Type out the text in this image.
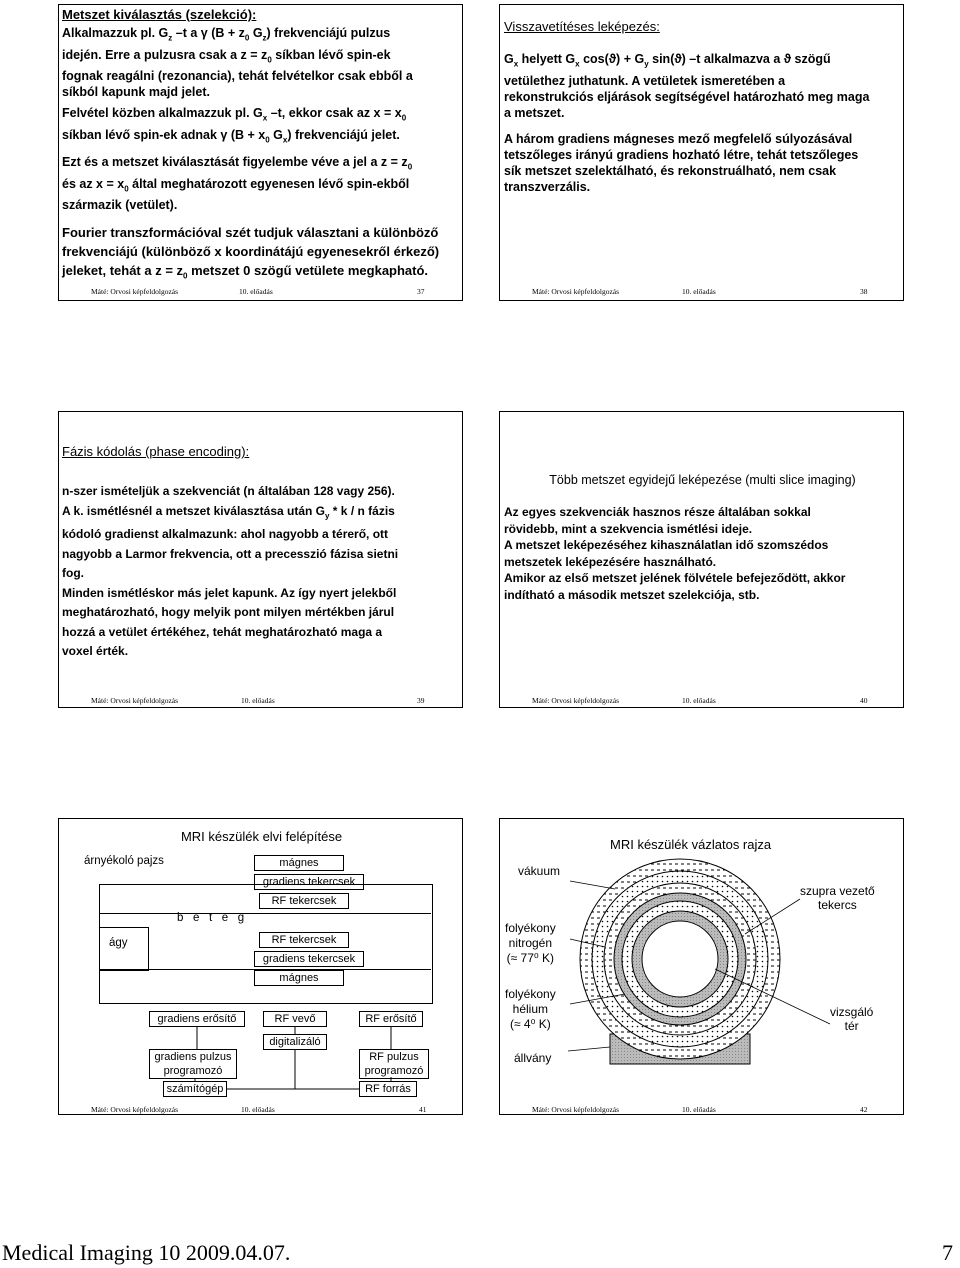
Metszet kiválasztás (szelekció):
Alkalmazzuk pl. $G_z$ –t a γ ($B + z_0$ $G_z$) frekvenciájú pulzus
idején. Erre a pulzusra csak a $z = z_0$ síkban lévő spin-ek
fognak reagálni (rezonancia), tehát felvételkor csak ebből a
síkból kapunk majd jelet.
Felvétel közben alkalmazzuk pl. $G_x$ –t, ekkor csak az $x = x_0$
síkban lévő spin-ek adnak γ ($B + x_0$ $G_x$) frekvenciájú jelet.
Ezt és a metszet kiválasztását figyelembe véve a jel a $z = z_0$
és az $x = x_0$ által meghatározott egyenesen lévő spin-ekből
származik (vetület).
Fourier transzformációval szét tudjuk választani a különböző
frekvenciájú (különböző x koordinátájú egyenesekről érkező)
jeleket, tehát a $z = z_0$ metszet 0 szögű vetülete megkapható.
Máté: Orvosi képfeldolgozás	10. előadás	37
Visszavetítéses leképezés:
$G_x$ helyett $G_x$ $\cos(ϑ) + G_y$ sin(ϑ) –t alkalmazva a ϑ szögű
vetülethez juthatunk. A vetületek ismeretében a
rekonstrukciós eljárások segítségével határozható meg maga
a metszet.
A három gradiens mágneses mező megfelelő súlyozásával
tetszőleges irányú gradiens hozható létre, tehát tetszőleges
sík metszet szelektálható, és rekonstruálható, nem csak
transzverzális.
Máté: Orvosi képfeldolgozás	10. előadás	38
Fázis kódolás (phase encoding):
n-szer ismételjük a szekvenciát (n általában 128 vagy 256).
A k. ismétlésnél a metszet kiválasztása után $G_y$ * k / n fázis
kódoló gradienst alkalmazunk: ahol nagyobb a térerő, ott
nagyobb a Larmor frekvencia, ott a precesszió fázisa sietni
fog.
Minden ismétléskor más jelet kapunk. Az így nyert jelekből
meghatározható, hogy melyik pont milyen mértékben járul
hozzá a vetület értékéhez, tehát meghatározható maga a
voxel érték.
Máté: Orvosi képfeldolgozás	10. előadás	39
Több metszet egyidejű leképezése (multi slice imaging)
Az egyes szekvenciák hasznos része általában sokkal
rövidebb, mint a szekvencia ismétlési ideje.
A metszet leképezéséhez kihasználatlan idő szomszédos
metszetek leképezésére használható.
Amikor az első metszet jelének fölvétele befejeződött, akkor
indítható a második metszet szelekciója, stb.
Máté: Orvosi képfeldolgozás	10. előadás	40
MRI készülék elvi felépítése
árnyékoló pajzs	mágnes
gradiens tekercsek
RF tekercsek
b   e   t   e   g
ágy	RF tekercsek
gradiens tekercsek
mágnes
gradiens erősítő	RF vevő	RF erősítő
digitalizáló
gradiens pulzus
programozó
RF pulzus
programozó
számítógép	RF forrás
Máté: Orvosi képfeldolgozás	10. előadás	41
MRI készülék vázlatos rajza
vákuum
szupra vezető
tekercs
folyékony
nitrogén
(≈ 77⁰ K)
folyékony
hélium
(≈ 4⁰ K)
vizsgáló
tér
állvány
Máté: Orvosi képfeldolgozás	10. előadás	42
Medical Imaging 10 2009.04.07.	7
